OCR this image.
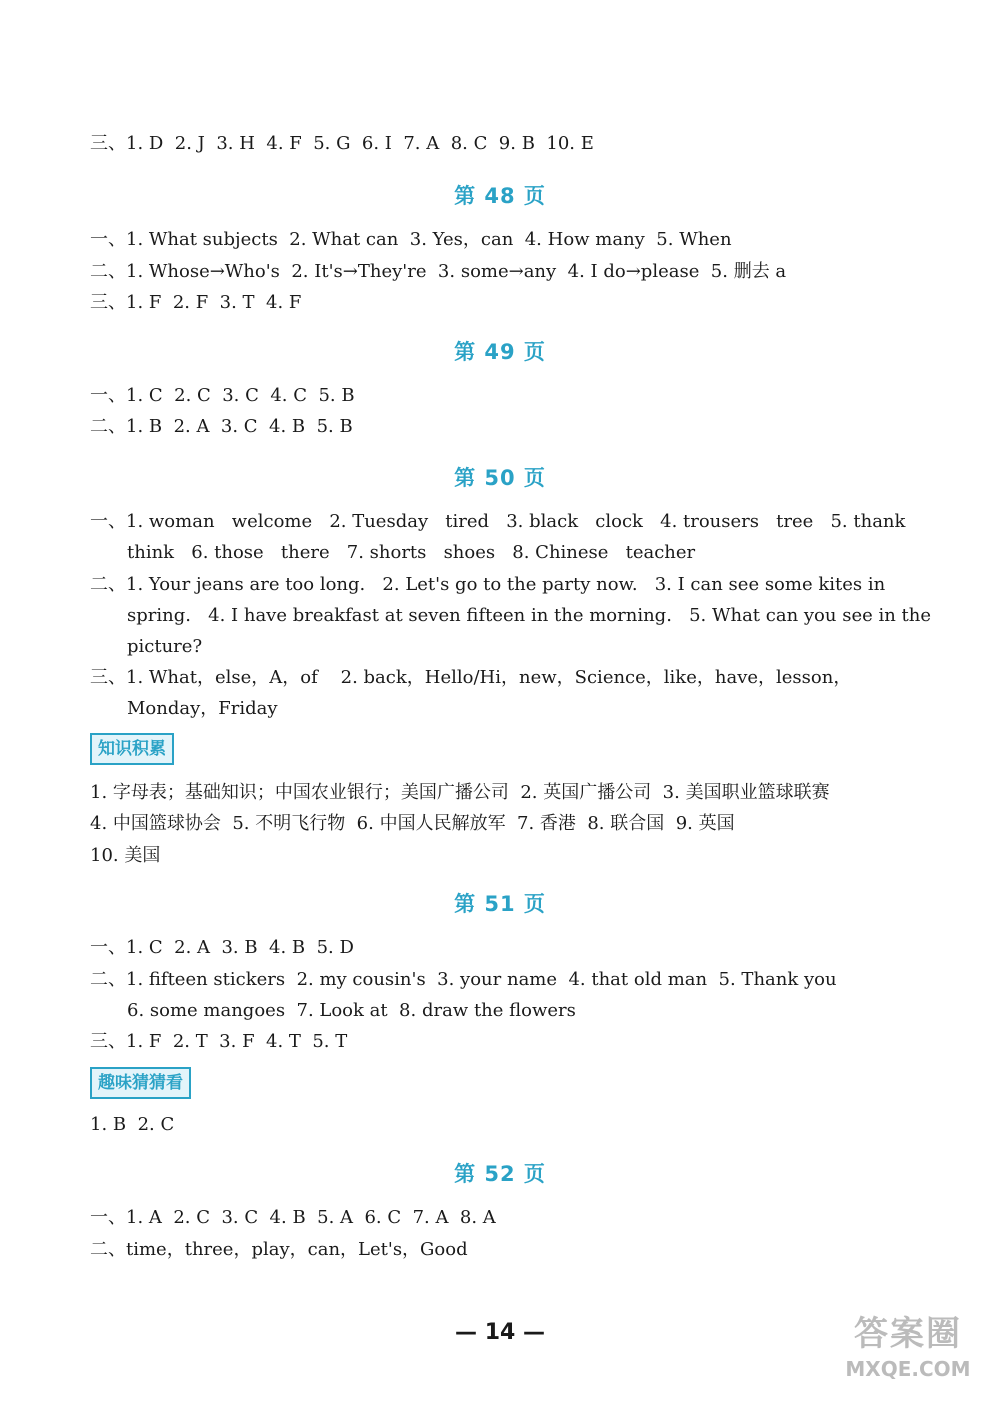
三、1. D  2. J  3. H  4. F  5. G  6. I  7. A  8. C  9. B  10. E
第 48 页
一、1. What subjects  2. What can  3. Yes，can  4. How many  5. When
二、1. Whose→Who's  2. It's→They're  3. some→any  4. I do→please  5. 删去 a
三、1. F  2. F  3. T  4. F
第 49 页
一、1. C  2. C  3. C  4. C  5. B
二、1. B  2. A  3. C  4. B  5. B
第 50 页
一、1. woman   welcome   2. Tuesday   tired   3. black   clock   4. trousers   tree   5. thank
think   6. those   there   7. shorts   shoes   8. Chinese   teacher
二、1. Your jeans are too long.   2. Let's go to the party now.   3. I can see some kites in
spring.   4. I have breakfast at seven fifteen in the morning.   5. What can you see in the
picture?
三、1. What，else，A，of    2. back，Hello/Hi，new，Science，like，have，lesson，
Monday，Friday
知识积累
1. 字母表；基础知识；中国农业银行；美国广播公司  2. 英国广播公司  3. 美国职业篮球联赛
4. 中国篮球协会  5. 不明飞行物  6. 中国人民解放军  7. 香港  8. 联合国  9. 英国
10. 美国
第 51 页
一、1. C  2. A  3. B  4. B  5. D
二、1. fifteen stickers  2. my cousin's  3. your name  4. that old man  5. Thank you
6. some mangoes  7. Look at  8. draw the flowers
三、1. F  2. T  3. F  4. T  5. T
趣味猜猜看
1. B  2. C
第 52 页
一、1. A  2. C  3. C  4. B  5. A  6. C  7. A  8. A
二、time，three，play，can，Let's，Good
— 14 —	答案圈
MXQE.COM
